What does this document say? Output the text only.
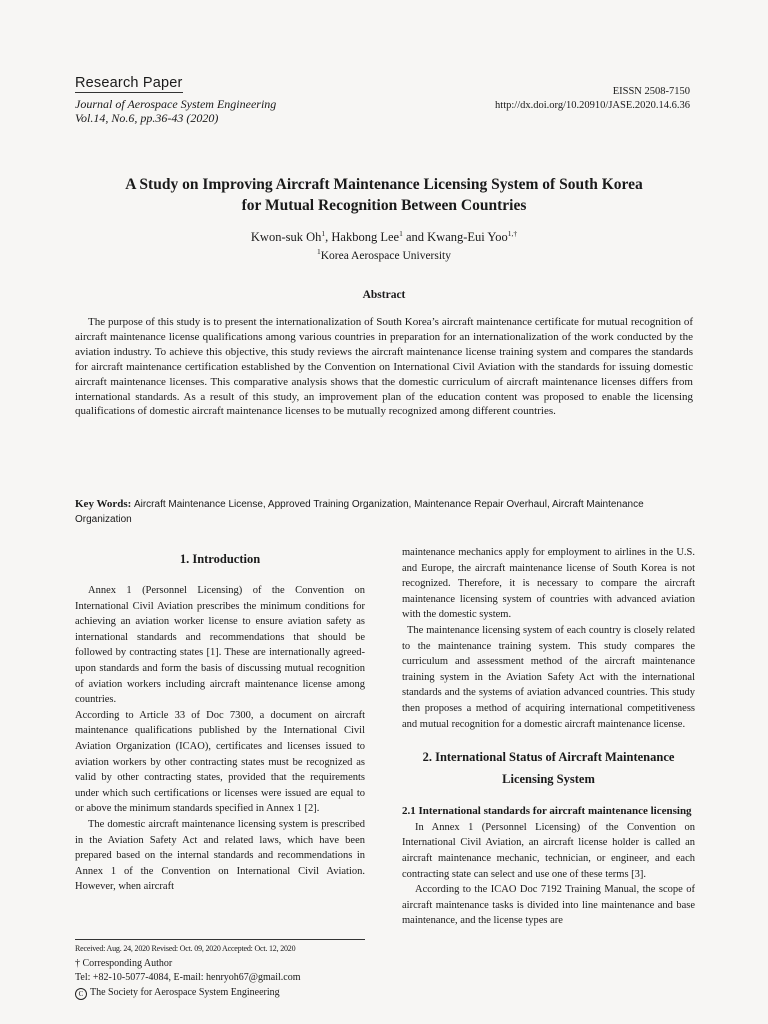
Research Paper
Journal of Aerospace System Engineering
Vol.14, No.6, pp.36-43 (2020)
EISSN 2508-7150
http://dx.doi.org/10.20910/JASE.2020.14.6.36
A Study on Improving Aircraft Maintenance Licensing System of South Korea
for Mutual Recognition Between Countries
Kwon-suk Oh$^1$, Hakbong Lee$^1$ and Kwang-Eui Yoo$^{1,\dagger}$
$^1$Korea Aerospace University
Abstract
The purpose of this study is to present the internationalization of South Korea’s aircraft maintenance certificate for mutual recognition of aircraft maintenance license qualifications among various countries in preparation for an internationalization of the work conducted by the aviation industry. To achieve this objective, this study reviews the aircraft maintenance license training system and compares the standards for aircraft maintenance certification established by the Convention on International Civil Aviation with the standards for issuing domestic aircraft maintenance licenses. This comparative analysis shows that the domestic curriculum of aircraft maintenance licenses differs from international standards. As a result of this study, an improvement plan of the education content was proposed to enable the licensing qualifications of domestic aircraft maintenance licenses to be mutually recognized among different countries.
Key Words: Aircraft Maintenance License, Approved Training Organization, Maintenance Repair Overhaul, Aircraft Maintenance Organization
1. Introduction

Annex 1 (Personnel Licensing) of the Convention on International Civil Aviation prescribes the minimum conditions for achieving an aviation worker license to ensure aviation safety as international standards and recommendations that should be followed by contracting states [1]. These are internationally agreed-upon standards and form the basis of discussing mutual recognition of aviation workers including aircraft maintenance license among countries.

According to Article 33 of Doc 7300, a document on aircraft maintenance qualifications published by the International Civil Aviation Organization (ICAO), certificates and licenses issued to aviation workers by other contracting states must be recognized as valid by other contracting states, provided that the requirements under which such certifications or licenses were issued are equal to or above the minimum standards specified in Annex 1 [2].

The domestic aircraft maintenance licensing system is prescribed in the Aviation Safety Act and related laws, which have been prepared based on the internal standards and recommendations in Annex 1 of the Convention on International Civil Aviation. However, when aircraft

maintenance mechanics apply for employment to airlines in the U.S. and Europe, the aircraft maintenance license of South Korea is not recognized. Therefore, it is necessary to compare the aircraft maintenance licensing system of countries with advanced aviation with the domestic system.

The maintenance licensing system of each country is closely related to the maintenance training system. This study compares the curriculum and assessment method of the aircraft maintenance training system in the Aviation Safety Act with the international standards and the systems of aviation advanced countries. This study then proposes a method of acquiring international competitiveness and mutual recognition for a domestic aircraft maintenance license.

2. International Status of Aircraft Maintenance
Licensing System
2.1 International standards for aircraft maintenance licensing

In Annex 1 (Personnel Licensing) of the Convention on International Civil Aviation, an aircraft license holder is called an aircraft maintenance mechanic, technician, or engineer, and each contracting state can select and use one of these terms [3].

According to the ICAO Doc 7192 Training Manual, the scope of aircraft maintenance tasks is divided into line maintenance and base maintenance, and the license types are

Received: Aug. 24, 2020 Revised: Oct. 09, 2020 Accepted: Oct. 12, 2020
† Corresponding Author
Tel: +82-10-5077-4084, E-mail: henryoh67@gmail.com
C The Society for Aerospace System Engineering
